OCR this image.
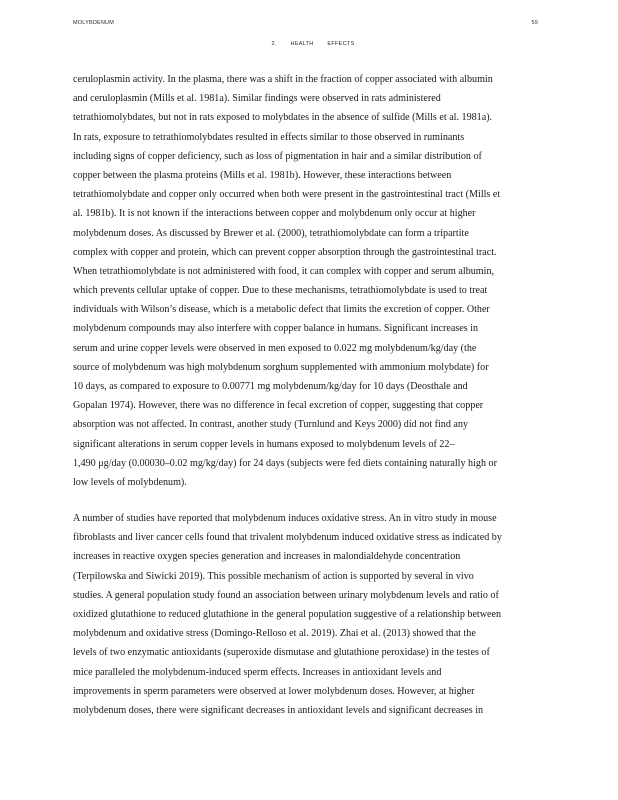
MOLYBDENUM	59
2.	HEALTH	EFFECTS
ceruloplasmin activity. In the plasma, there was a shift in the fraction of copper associated with albumin
and ceruloplasmin (Mills et al. 1981a). Similar findings were observed in rats administered
tetrathiomolybdates, but not in rats exposed to molybdates in the absence of sulfide (Mills et al. 1981a).
In rats, exposure to tetrathiomolybdates resulted in effects similar to those observed in ruminants
including signs of copper deficiency, such as loss of pigmentation in hair and a similar distribution of
copper between the plasma proteins (Mills et al. 1981b). However, these interactions between
tetrathiomolybdate and copper only occurred when both were present in the gastrointestinal tract (Mills et
al. 1981b). It is not known if the interactions between copper and molybdenum only occur at higher
molybdenum doses. As discussed by Brewer et al. (2000), tetrathiomolybdate can form a tripartite
complex with copper and protein, which can prevent copper absorption through the gastrointestinal tract.
When tetrathiomolybdate is not administered with food, it can complex with copper and serum albumin,
which prevents cellular uptake of copper. Due to these mechanisms, tetrathiomolybdate is used to treat
individuals with Wilson’s disease, which is a metabolic defect that limits the excretion of copper. Other
molybdenum compounds may also interfere with copper balance in humans. Significant increases in
serum and urine copper levels were observed in men exposed to 0.022 mg molybdenum/kg/day (the
source of molybdenum was high molybdenum sorghum supplemented with ammonium molybdate) for
10 days, as compared to exposure to 0.00771 mg molybdenum/kg/day for 10 days (Deosthale and
Gopalan 1974). However, there was no difference in fecal excretion of copper, suggesting that copper
absorption was not affected. In contrast, another study (Turnlund and Keys 2000) did not find any
significant alterations in serum copper levels in humans exposed to molybdenum levels of 22–
1,490 μg/day (0.00030–0.02 mg/kg/day) for 24 days (subjects were fed diets containing naturally high or
low levels of molybdenum).
A number of studies have reported that molybdenum induces oxidative stress. An in vitro study in mouse
fibroblasts and liver cancer cells found that trivalent molybdenum induced oxidative stress as indicated by
increases in reactive oxygen species generation and increases in malondialdehyde concentration
(Terpilowska and Siwicki 2019). This possible mechanism of action is supported by several in vivo
studies. A general population study found an association between urinary molybdenum levels and ratio of
oxidized glutathione to reduced glutathione in the general population suggestive of a relationship between
molybdenum and oxidative stress (Domingo-Relloso et al. 2019). Zhai et al. (2013) showed that the
levels of two enzymatic antioxidants (superoxide dismutase and glutathione peroxidase) in the testes of
mice paralleled the molybdenum-induced sperm effects. Increases in antioxidant levels and
improvements in sperm parameters were observed at lower molybdenum doses. However, at higher
molybdenum doses, there were significant decreases in antioxidant levels and significant decreases in
